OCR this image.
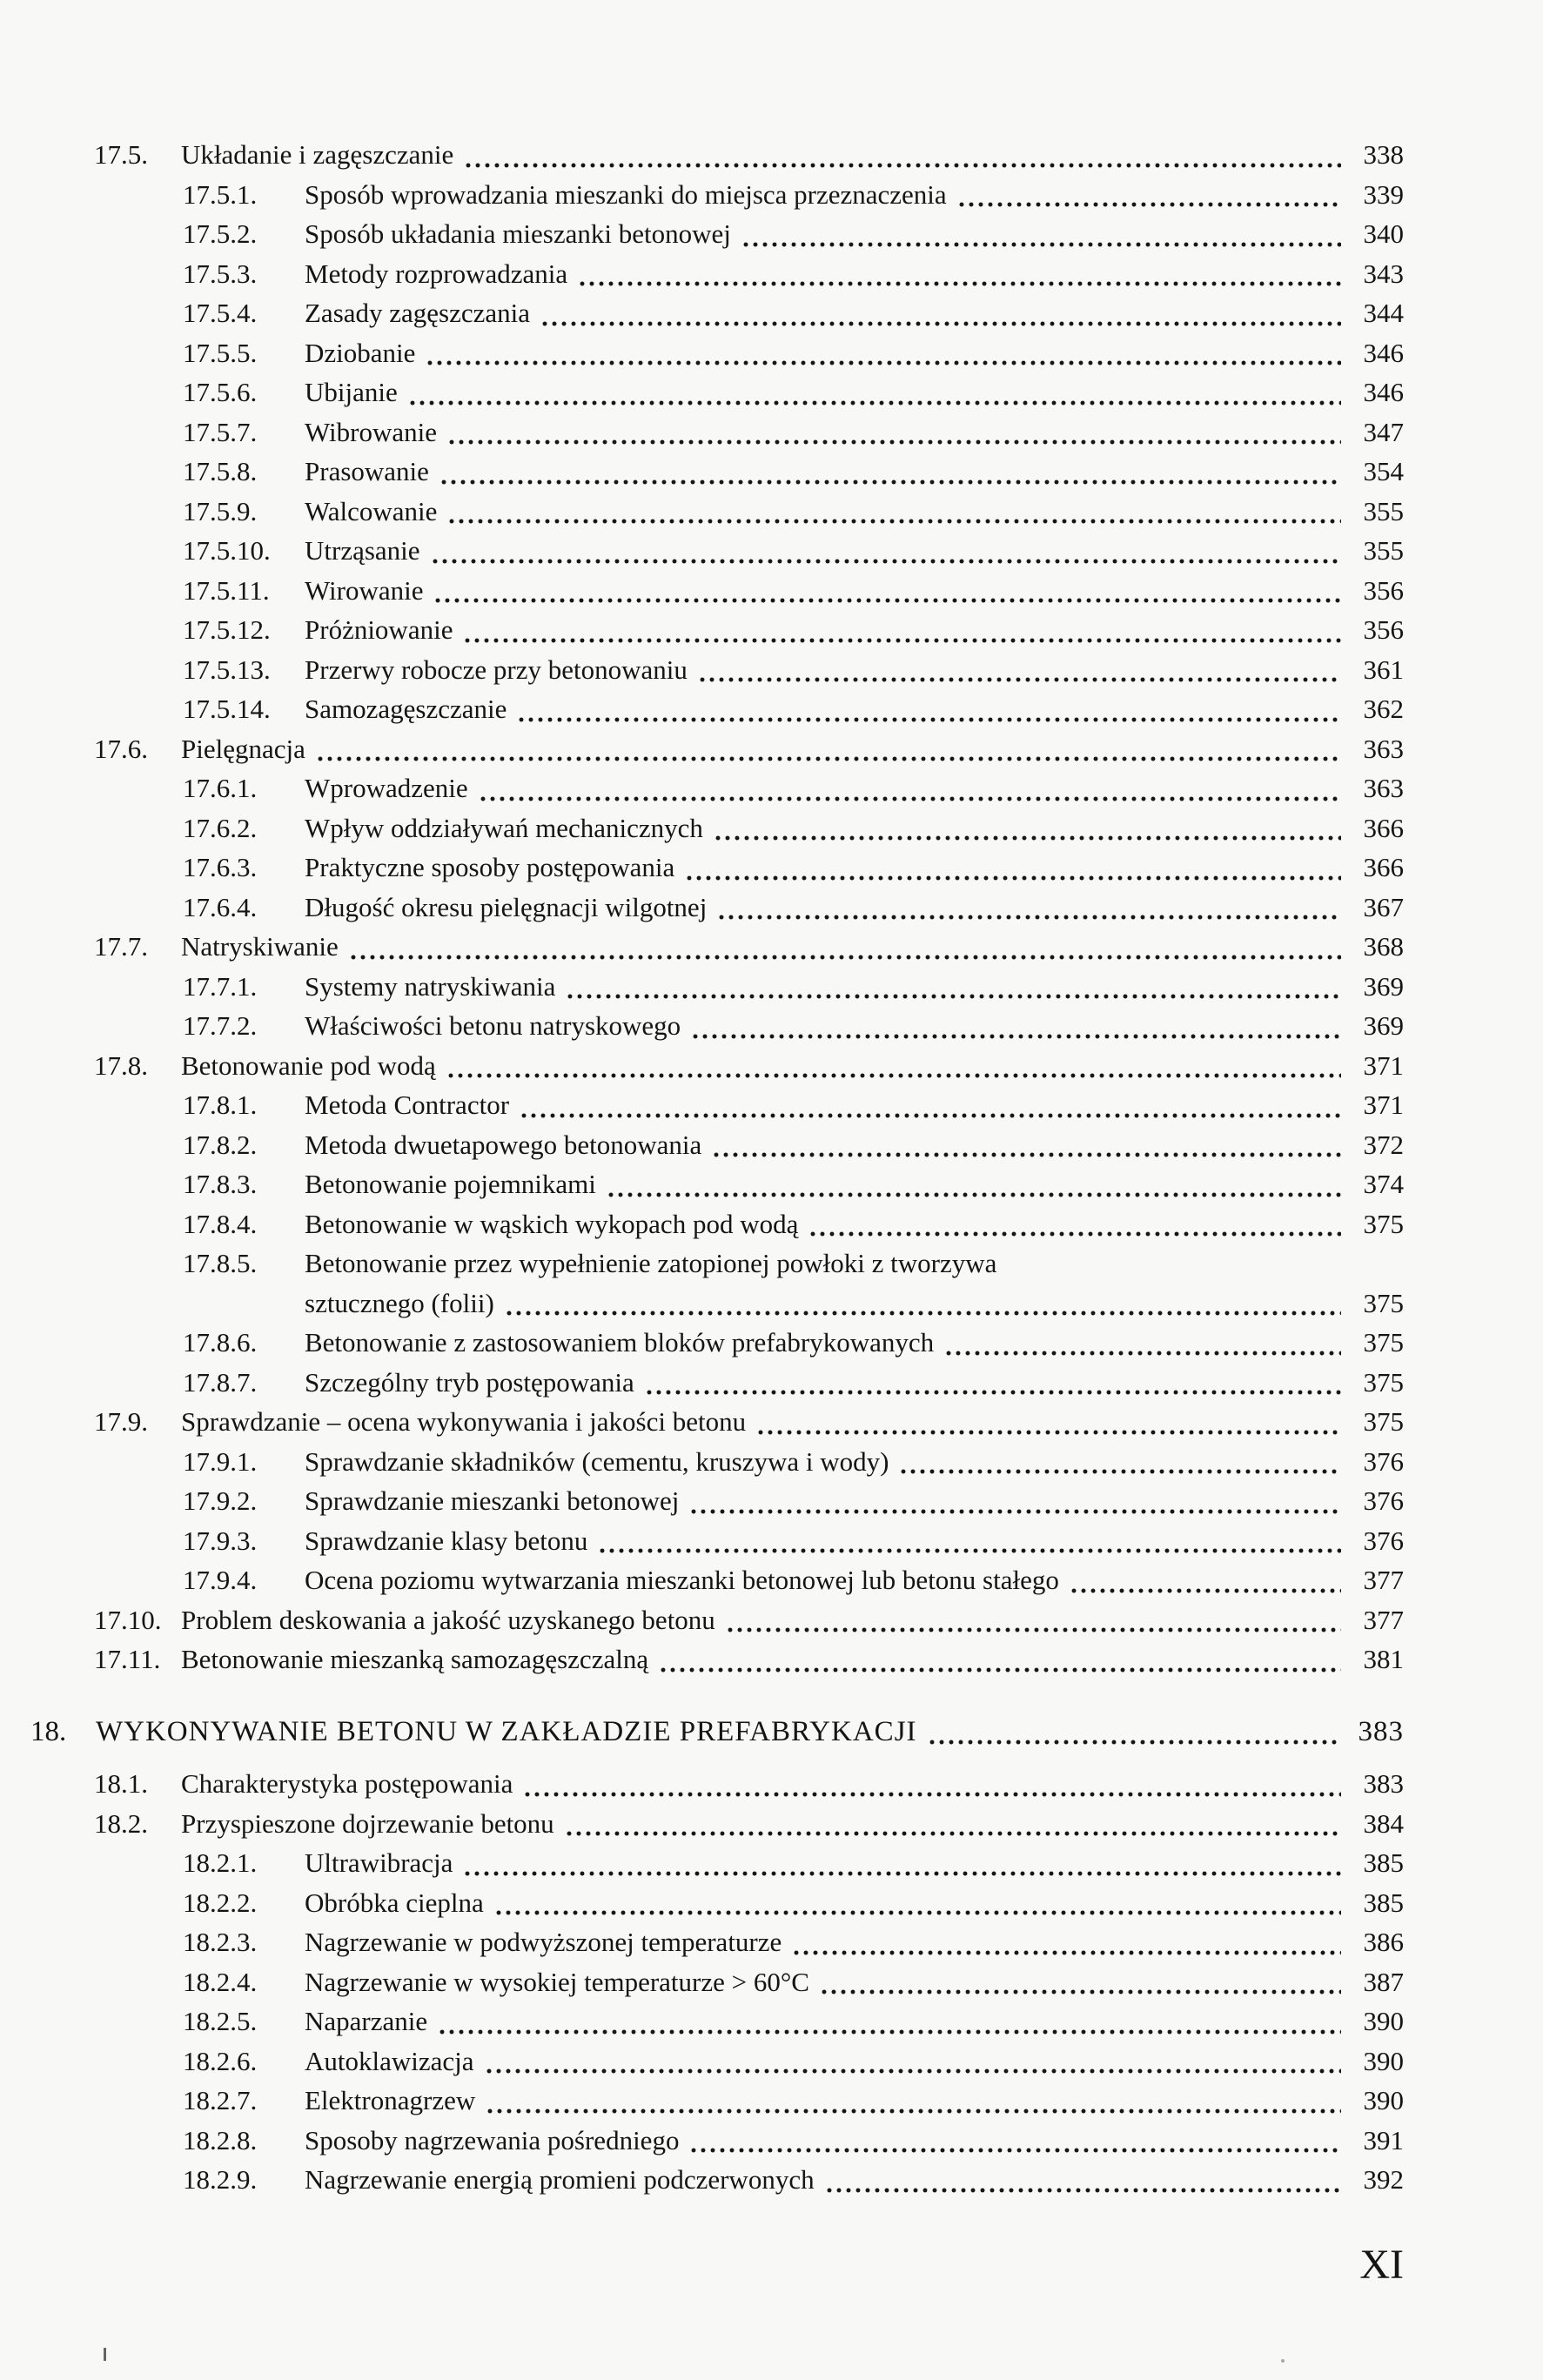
17.5.	Układanie i zagęszczanie	338
17.5.1.	Sposób wprowadzania mieszanki do miejsca przeznaczenia	339
17.5.2.	Sposób układania mieszanki betonowej	340
17.5.3.	Metody rozprowadzania	343
17.5.4.	Zasady zagęszczania	344
17.5.5.	Dziobanie	346
17.5.6.	Ubijanie	346
17.5.7.	Wibrowanie	347
17.5.8.	Prasowanie	354
17.5.9.	Walcowanie	355
17.5.10.	Utrząsanie	355
17.5.11.	Wirowanie	356
17.5.12.	Próżniowanie	356
17.5.13.	Przerwy robocze przy betonowaniu	361
17.5.14.	Samozagęszczanie	362
17.6.	Pielęgnacja	363
17.6.1.	Wprowadzenie	363
17.6.2.	Wpływ oddziaływań mechanicznych	366
17.6.3.	Praktyczne sposoby postępowania	366
17.6.4.	Długość okresu pielęgnacji wilgotnej	367
17.7.	Natryskiwanie	368
17.7.1.	Systemy natryskiwania	369
17.7.2.	Właściwości betonu natryskowego	369
17.8.	Betonowanie pod wodą	371
17.8.1.	Metoda Contractor	371
17.8.2.	Metoda dwuetapowego betonowania	372
17.8.3.	Betonowanie pojemnikami	374
17.8.4.	Betonowanie w wąskich wykopach pod wodą	375
17.8.5.	Betonowanie przez wypełnienie zatopionej powłoki z tworzywa
sztucznego (folii)	375
17.8.6.	Betonowanie z zastosowaniem bloków prefabrykowanych	375
17.8.7.	Szczególny tryb postępowania	375
17.9.	Sprawdzanie – ocena wykonywania i jakości betonu	375
17.9.1.	Sprawdzanie składników (cementu, kruszywa i wody)	376
17.9.2.	Sprawdzanie mieszanki betonowej	376
17.9.3.	Sprawdzanie klasy betonu	376
17.9.4.	Ocena poziomu wytwarzania mieszanki betonowej lub betonu stałego	377
17.10. Problem deskowania a jakość uzyskanego betonu	377
17.11. Betonowanie mieszanką samozagęszczalną	381
18.	WYKONYWANIE BETONU W ZAKŁADZIE PREFABRYKACJI	383
18.1.	Charakterystyka postępowania	383
18.2.	Przyspieszone dojrzewanie betonu	384
18.2.1.	Ultrawibracja	385
18.2.2.	Obróbka cieplna	385
18.2.3.	Nagrzewanie w podwyższonej temperaturze	386
18.2.4.	Nagrzewanie w wysokiej temperaturze > 60°C	387
18.2.5.	Naparzanie	390
18.2.6.	Autoklawizacja	390
18.2.7.	Elektronagrzew	390
18.2.8.	Sposoby nagrzewania pośredniego	391
18.2.9.	Nagrzewanie energią promieni podczerwonych	392
XI
